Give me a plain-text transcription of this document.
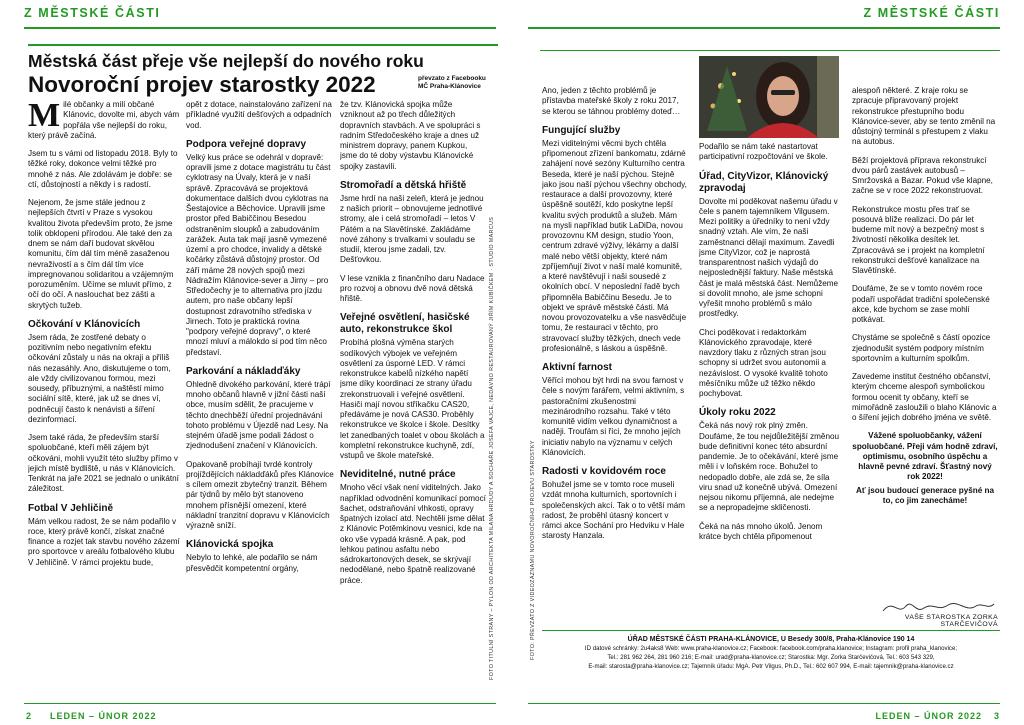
Z MĚSTSKÉ ČÁSTI	Z MĚSTSKÉ ČÁSTI
Městská část přeje vše nejlepší do nového roku
Novoroční projev starostky 2022	převzato z Facebooku MČ Praha-Klánovice

Milé občanky a milí občané Klánovic, dovolte mi, abych vám popřála vše nejlepší do roku, který právě začíná.

Jsem tu s vámi od listopadu 2018. Byly to těžké roky, dokonce velmi těžké pro mnohé z nás. Ale zdolávám je dobře: se ctí, důstojností a někdy i s radostí.

Nejenom, že jsme stále jednou z nejlepších čtvrtí v Praze s vysokou kvalitou života především proto, že jsme tolik obklopeni přírodou. Ale také den za dnem se nám daří budovat skvělou komunitu, čím dál tím méně zasaženou nevraživostí a s čím dál tím více impregnovanou solidaritou a vzájemným porozuměním. Učíme se mluvit přímo, z očí do očí. A naslouchat bez zášti a skrytých tužeb.

Očkování v Klánovicích

Jsem ráda, že zostřené debaty o pozitivním nebo negativním efektu očkování zůstaly u nás na okraji a příliš nás nezasáhly. Ano, diskutujeme o tom, ale vždy civilizovanou formou, mezi sousedy, příbuznými, a naštěstí mimo sociální sítě, které, jak už se dnes ví, podněcují často k nenávisti a šíření dezinformací.

Jsem také ráda, že především starší spoluobčané, kteří měli zájem být očkováni, mohli využít této služby přímo v jejich místě bydliště, u nás v Klánovicích. Tenkrát na jaře 2021 se jednalo o unikátní záležitost.

Fotbal V Jehličině

Mám velkou radost, že se nám podařilo v roce, který právě končí, získat značné finance a rozjet tak stavbu nového zázemí pro sportovce v areálu fotbalového klubu V Jehličině. V rámci projektu bude,

opět z dotace, nainstalováno zařízení na příkladné využití dešťových a odpadních vod.

Podpora veřejné dopravy

Velký kus práce se odehrál v dopravě: opravili jsme z dotace magistrátu tu část cyklotrasy na Úvaly, která je v naší správě. Zpracovává se projektová dokumentace dalších dvou cyklotras na Šestajovice a Běchovice. Upravili jsme prostor před Babiččinou Besedou odstraněním sloupků a zabudováním zarážek. Auta tak mají jasně vymezené území a pro chodce, invalidy a dětské kočárky zůstává důstojný prostor. Od září máme 28 nových spojů mezi Nádražím Klánovice-sever a Jirny – pro Středočechy je to alternativa pro jízdu autem, pro naše občany lepší dostupnost zdravotního střediska v Jirnech. Toto je praktická rovina "podpory veřejné dopravy", o které mnozí mluví a málokdo si pod tím něco představí.

Parkování a nákladďáky

Ohledně divokého parkování, které trápí mnoho občanů hlavně v jižní části naší obce, musím sdělit, že pracujeme v těchto dnechběží úřední projednávání tohoto problému v Újezdě nad Lesy. Na stejném úřadě jsme podali žádost o zjednodušení značení v Klánovicích.

Opakovaně probíhají tvrdé kontroly projíždějících nákladďáků přes Klánovice s cílem omezit zbytečný tranzit. Během pár týdnů by mělo být stanoveno mnohem přísnější omezení, které nákladní tranzitní dopravu v Klánovicích výrazně sníží.

Klánovická spojka

Nebylo to lehké, ale podařilo se nám přesvědčit kompetentní orgány,

že tzv. Klánovická spojka může vzniknout až po třech důležitých dopravních stavbách. A ve spolupráci s radním Středočeského kraje a dnes už ministrem dopravy, panem Kupkou, jsme do té doby výstavbu Klánovické spojky zastavili.

Stromořadí a dětská hřiště

Jsme hrdí na naši zeleň, která je jednou z našich priorit – obnovujeme jednotlivé stromy, ale i celá stromořadí – letos V Pátém a na Slavětínské. Zakládáme nové záhony s trvalkami v souladu se studií, kterou jsme zadali, tzv. Dešťovkou.

V lese vznikla z finančního daru Nadace pro rozvoj a obnovu dvě nová dětská hřiště.

Veřejné osvětlení, hasičské auto, rekonstrukce škol

Probíhá plošná výměna starých sodíkových výbojek ve veřejném osvětlení za úsporné LED. V rámci rekonstrukce kabelů nízkého napětí jsme díky koordinaci ze strany úřadu zrekonstruovali i veřejné osvětlení. Hasiči mají novou stříkačku CAS20, předáváme je nová CAS30. Proběhly rekonstrukce ve školce i škole. Desítky let zanedbaných toalet v obou školách a kompletní rekonstrukce kuchyně, zdí, vstupů ve škole mateřské.

Neviditelné, nutné práce

Mnoho věcí však není viditelných. Jako například odvodnění komunikací pomocí šachet, odstraňování vlhkosti, opravy špatných izolací atd. Nechtěli jsme dělat z Klánovic Potěmkinovu vesnici, kde na oko vše vypadá krásně. A pak, pod lehkou patinou asfaltu nebo sádrokartonových desek, se skrývají nedodělané, nebo špatně realizované práce.	FOTO TITULNÍ STRANY – PYLON OD ARCHITEKTA MILANA HRDUDY A SOCHAŘE JOSEFA VAJCE, NEDÁVNO RESTAUROVANÝ JIŘÍM KUBÍČKEM · STUDIO MARCUS	FOTO: PŘEVZATO Z VIDEOZÁZNAMU NOVOROČNÍHO PROJEVU STAROSTKY

Ano, jeden z těchto problémů je přístavba mateřské školy z roku 2017, se kterou se táhnou problémy doteď…

Fungující služby

Mezi viditelnými věcmi bych chtěla připomenout zřízení bankomatu, zdárné zahájení nové sezóny Kulturního centra Beseda, které je naší pýchou. Stejně jako jsou naší pýchou všechny obchody, restaurace a další provozovny, které úspěšně soutěží, kdo poskytne lepší kvalitu svých produktů a služeb. Mám na mysli například butik LaDiDa, novou provozovnu KM design, studio Yoon, centrum zdravé výživy, lékárny a další malé nebo větší objekty, které nám zpříjemňují život v naší malé komunitě, a které navštěvují i naši sousedé z okolních obcí. V neposlední řadě bych připomněla Babiččinu Besedu. Je to objekt ve správě městské části. Má novou provozovatelku a vše nasvědčuje tomu, že restauraci v těchto, pro stravovací služby těžkých, dnech vede profesionálně, s láskou a úspěšně.

Aktivní farnost

Věřící mohou být hrdi na svou farnost v čele s novým farářem, velmi aktivním, s pastoračními zkušenostmi mezinárodního rozsahu. Také v této komunitě vidím velkou dynamičnost a naději. Troufám si říci, že mnoho jejích iniciativ nabylo na významu v celých Klánovicích.

Radosti v kovidovém roce

Bohužel jsme se v tomto roce museli vzdát mnoha kulturních, sportovních i společenských akcí. Tak o to větší mám radost, že proběhl útasný koncert v rámci akce Sochání pro Hedviku v Hale starosty Hanzala.

Podařilo se nám také nastartovat participativní rozpočtování ve škole.

Úřad, CityVizor, Klánovický zpravodaj

Dovolte mi poděkovat našemu úřadu v čele s panem tajemníkem Vilgusem. Mezi politiky a úředníky to není vždy snadný vztah. Ale vím, že naši zaměstnanci dělají maximum. Zavedli jsme CityVizor, což je naprostá transparentnost našich výdajů do nejposlednější faktury. Naše městská část je malá městská část. Nemůžeme si dovolit mnoho, ale jsme schopni vyřešit mnoho problémů s málo prostředky.

Chci poděkovat i redaktorkám Klánovického zpravodaje, které navzdory tlaku z různých stran jsou schopny si udržet svou autonomii a nezávislost. O vysoké kvalitě tohoto měsíčníku může už těžko někdo pochybovat.

Úkoly roku 2022

Čeká nás nový rok plný změn. Doufáme, že tou nejdůležitější změnou bude definitivní konec této absurdní pandemie. Je to očekávání, které jsme měli i v loňském roce. Bohužel to nedopadlo dobře, ale zdá se, že síla viru snad už konečně ubývá. Omezení nejsou nikomu příjemná, ale nedejme se a nepropadejme skličenosti.

Čeká na nás mnoho úkolů. Jenom krátce bych chtěla připomenout

alespoň některé. Z kraje roku se zpracuje připravovaný projekt rekonstrukce přestupního bodu Klánovice-sever, aby se tento změnil na důstojný terminál s přestupem z vlaku na autobus.

Běží projektová příprava rekonstrukcí dvou párů zastávek autobusů – Smržovská a Bazar. Pokud vše klapne, začne se v roce 2022 rekonstruovat.

Rekonstrukce mostu přes trať se posouvá blíže realizaci. Do pár let budeme mít nový a bezpečný most s životností několika desítek let. Zpracovává se i projekt na kompletní rekonstrukci dešťové kanalizace na Slavětínské.

Doufáme, že se v tomto novém roce podaří uspořádat tradiční společenské akce, kde bychom se zase mohli potkávat.

Chystáme se společně s částí opozice zjednodušit systém podpory místním sportovním a kulturním spolkům.

Zavedeme institut čestného občanství, kterým chceme alespoň symbolickou formou ocenit ty občany, kteří se mimořádně zasloužili o blaho Klánovic a o šíření jejich dobrého jména ve světě.

Vážené spoluobčanky, vážení spoluobčané. Přeji vám hodně zdraví, optimismu, osobního úspěchu a hlavně pevné zdraví. Šťastný nový rok 2022!

Ať jsou budoucí generace pyšné na to, co jim zanecháme!

VAŠE STAROSTKA ZORKA STARČEVIČOVÁ
ÚŘAD MĚSTSKÉ ČÁSTI PRAHA-KLÁNOVICE, U Besedy 300/8, Praha-Klánovice 190 14
ID datové schránky: 2u4aks8 Web: www.praha-klanovice.cz; Facebook: facebook.com/praha.klanovice; Instagram: profil praha_klanovice;
Tel.: 281 962 264, 281 960 216; E-mail: urad@praha-klanovice.cz; Starostka: Mgr. Zorka Starčevičová, Tel.: 603 543 329,
E-mail: starosta@praha-klanovice.cz; Tajemník úřadu: MgA. Petr Vilgus, Ph.D., Tel.: 602 607 994, E-mail: tajemnik@praha-klanovice.cz
2 LEDEN – ÚNOR 2022	LEDEN – ÚNOR 2022 3
